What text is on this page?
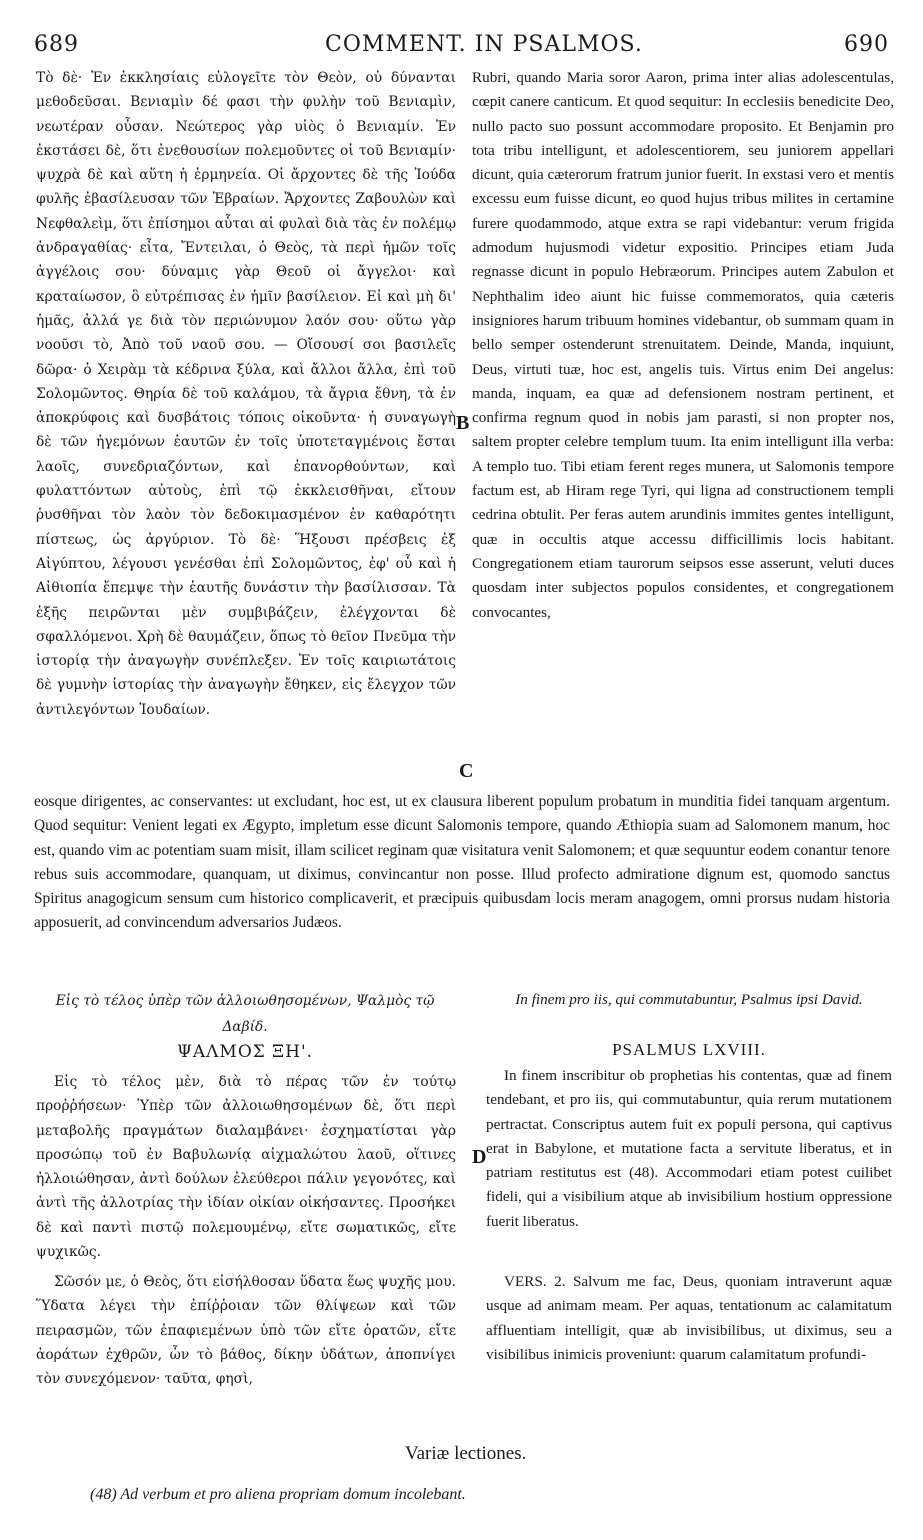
689	COMMENT. IN PSALMOS.	690

Τὸ δὲ· Ἐν ἐκκλησίαις εὐλογεῖτε τὸν Θεὸν, οὐ δύνανται μεθοδεῦσαι. Βενιαμὶν δέ φασι τὴν φυλὴν τοῦ Βενιαμὶν, νεωτέραν οὖσαν. Νεώτερος γὰρ υἱὸς ὁ Βενιαμίν. Ἐν ἐκστάσει δὲ, ὅτι ἐνεθουσίων πολεμοῦντες οἱ τοῦ Βενιαμίν· ψυχρὰ δὲ καὶ αὕτη ἡ ἑρμηνεία. Οἱ ἄρχοντες δὲ τῆς Ἰούδα φυλῆς ἐβασίλευσαν τῶν Ἑβραίων. Ἄρχοντες Ζαβουλὼν καὶ Νεφθαλεὶμ, ὅτι ἐπίσημοι αὗται αἱ φυλαὶ διὰ τὰς ἐν πολέμῳ ἀνδραγαθίας· εἶτα, Ἔντειλαι, ὁ Θεὸς, τὰ περὶ ἡμῶν τοῖς ἀγγέλοις σου· δύναμις γὰρ Θεοῦ οἱ ἄγγελοι· καὶ κραταίωσον, ὃ εὐτρέπισας ἐν ἡμῖν βασίλειον. Εἰ καὶ μὴ δι' ἡμᾶς, ἀλλά γε διὰ τὸν περιώνυμον λαόν σου· οὕτω γὰρ νοοῦσι τὸ, Ἀπὸ τοῦ ναοῦ σου. — Οἴσουσί σοι βασιλεῖς δῶρα· ὁ Χειρὰμ τὰ κέδρινα ξύλα, καὶ ἄλλοι ἄλλα, ἐπὶ τοῦ Σολομῶντος. Θηρία δὲ τοῦ καλάμου, τὰ ἄγρια ἔθνη, τὰ ἐν ἀποκρύφοις καὶ δυσβάτοις τόποις οἰκοῦντα· ἡ συναγωγὴ δὲ τῶν ἡγεμόνων ἑαυτῶν ἐν τοῖς ὑποτεταγμένοις ἔσται λαοῖς, συνεδριαζόντων, καὶ ἐπανορθούντων, καὶ φυλαττόντων αὐτοὺς, ἐπὶ τῷ ἐκκλεισθῆναι, εἴτουν ῥυσθῆναι τὸν λαὸν τὸν δεδοκιμασμένον ἐν καθαρότητι πίστεως, ὡς ἀργύριον. Τὸ δὲ· Ἥξουσι πρέσβεις ἐξ Αἰγύπτου, λέγουσι γενέσθαι ἐπὶ Σολομῶντος, ἐφ' οὗ καὶ ἡ Αἰθιοπία ἔπεμψε τὴν ἑαυτῆς δυνάστιν τὴν βασίλισσαν. Τὰ ἑξῆς πειρῶνται μὲν συμβιβάζειν, ἐλέγχονται δὲ σφαλλόμενοι. Χρὴ δὲ θαυμάζειν, ὅπως τὸ θεῖον Πνεῦμα τὴν ἱστορίᾳ τὴν ἀναγωγὴν συνέπλεξεν. Ἐν τοῖς καιριωτάτοις δὲ γυμνὴν ἱστορίας τὴν ἀναγωγὴν ἔθηκεν, εἰς ἔλεγχον τῶν ἀντιλεγόντων Ἰουδαίων.

Rubri, quando Maria soror Aaron, prima inter alias adolescentulas, cœpit canere canticum. Et quod sequitur: In ecclesiis benedicite Deo, nullo pacto suo possunt accommodare proposito. Et Benjamin pro tota tribu intelligunt, et adolescentiorem, seu juniorem appellari dicunt, quia cæterorum fratrum junior fuerit. In exstasi vero et mentis excessu eum fuisse dicunt, eo quod hujus tribus milites in certamine furere quodammodo, atque extra se rapi videbantur: verum frigida admodum hujusmodi videtur expositio. Principes etiam Juda regnasse dicunt in populo Hebræorum. Principes autem Zabulon et Nephthalim ideo aiunt hic fuisse commemoratos, quia cæteris insigniores harum tribuum homines videbantur, ob summam quam in bello semper ostenderunt strenuitatem. Deinde, Manda, inquiunt, Deus, virtuti tuæ, hoc est, angelis tuis. Virtus enim Dei angelus: manda, inquam, ea quæ ad defensionem nostram pertinent, et confirma regnum quod in nobis jam parasti, si non propter nos, saltem propter celebre templum tuum. Ita enim intelligunt illa verba: A templo tuo. Tibi etiam ferent reges munera, ut Salomonis tempore factum est, ab Hiram rege Tyri, qui ligna ad constructionem templi cedrina obtulit. Per feras autem arundinis immites gentes intelligunt, quæ in occultis atque accessu difficillimis locis habitant. Congregationem etiam taurorum seipsos esse asserunt, veluti duces quosdam inter subjectos populos considentes, et congregationem convocantes,

B
C
D

eosque dirigentes, ac conservantes: ut excludant, hoc est, ut ex clausura liberent populum probatum in munditia fidei tanquam argentum. Quod sequitur: Venient legati ex Ægypto, impletum esse dicunt Salomonis tempore, quando Æthiopia suam ad Salomonem manum, hoc est, quando vim ac potentiam suam misit, illam scilicet reginam quæ visitatura venit Salomonem; et quæ sequuntur eodem conantur tenore rebus suis accommodare, quanquam, ut diximus, convincantur non posse. Illud profecto admiratione dignum est, quomodo sanctus Spiritus anagogicum sensum cum historico complicaverit, et præcipuis quibusdam locis meram anagogem, omni prorsus nudam historia apposuerit, ad convincendum adversarios Judæos.

Εἰς τὸ τέλος ὑπὲρ τῶν ἀλλοιωθησομένων, Ψαλμὸς τῷ Δαβίδ.
ΨΑΛΜΟΣ ΞΗ'.

Εἰς τὸ τέλος μὲν, διὰ τὸ πέρας τῶν ἐν τούτῳ προῤῥήσεων· Ὑπὲρ τῶν ἀλλοιωθησομένων δὲ, ὅτι περὶ μεταβολῆς πραγμάτων διαλαμβάνει· ἐσχηματίσται γὰρ προσώπῳ τοῦ ἐν Βαβυλωνίᾳ αἰχμαλώτου λαοῦ, οἵτινες ἠλλοιώθησαν, ἀντὶ δούλων ἐλεύθεροι πάλιν γεγονότες, καὶ ἀντὶ τῆς ἀλλοτρίας τὴν ἰδίαν οἰκίαν οἰκήσαντες. Προσήκει δὲ καὶ παντὶ πιστῷ πολεμουμένῳ, εἴτε σωματικῶς, εἴτε ψυχικῶς.

Σῶσόν με, ὁ Θεὸς, ὅτι εἰσήλθοσαν ὕδατα ἕως ψυχῆς μου. Ὕδατα λέγει τὴν ἐπίῤῥοιαν τῶν θλίψεων καὶ τῶν πειρασμῶν, τῶν ἐπαφιεμένων ὑπὸ τῶν εἴτε ὁρατῶν, εἴτε ἀοράτων ἐχθρῶν, ὧν τὸ βάθος, δίκην ὑδάτων, ἀποπνίγει τὸν συνεχόμενον· ταῦτα, φησὶ,

In finem pro iis, qui commutabuntur, Psalmus ipsi David.
PSALMUS LXVIII.

In finem inscribitur ob prophetias his contentas, quæ ad finem tendebant, et pro iis, qui commutabuntur, quia rerum mutationem pertractat. Conscriptus autem fuit ex populi persona, qui captivus erat in Babylone, et mutatione facta a servitute liberatus, et in patriam restitutus est (48). Accommodari etiam potest cuilibet fideli, qui a visibilium atque ab invisibilium hostium oppressione fuerit liberatus.

VERS. 2. Salvum me fac, Deus, quoniam intraverunt aquæ usque ad animam meam. Per aquas, tentationum ac calamitatum affluentiam intelligit, quæ ab invisibilibus, ut diximus, seu a visibilibus inimicis proveniunt: quarum calamitatum profundi-

Variæ lectiones.
(48) Ad verbum et pro aliena propriam domum incolebant.
